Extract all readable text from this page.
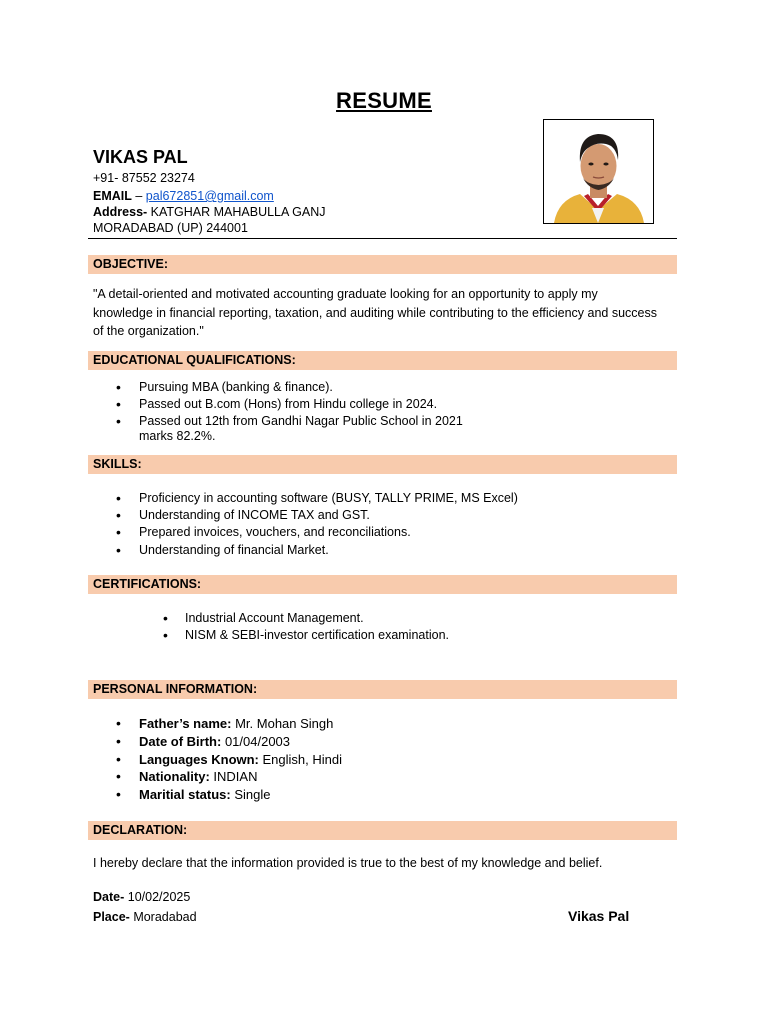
RESUME
VIKAS PAL
+91- 87552 23274
EMAIL – pal672851@gmail.com
Address- KATGHAR MAHABULLA GANJ
MORADABAD (UP) 244001
OBJECTIVE:
"A detail-oriented and motivated accounting graduate looking for an opportunity to apply my knowledge in financial reporting, taxation, and auditing while contributing to the efficiency and success of the organization."
EDUCATIONAL QUALIFICATIONS:
• Pursuing MBA (banking & finance).
• Passed out B.com (Hons) from Hindu college in 2024.
• Passed out 12th from Gandhi Nagar Public School in 2021
marks 82.2%.
SKILLS:
• Proficiency in accounting software (BUSY, TALLY PRIME, MS Excel)
• Understanding of INCOME TAX and GST.
• Prepared invoices, vouchers, and reconciliations.
• Understanding of financial Market.
CERTIFICATIONS:
• Industrial Account Management.
• NISM & SEBI-investor certification examination.
PERSONAL INFORMATION:
• Father’s name: Mr. Mohan Singh
• Date of Birth: 01/04/2003
• Languages Known: English, Hindi
• Nationality: INDIAN
• Maritial status: Single
DECLARATION:
I hereby declare that the information provided is true to the best of my knowledge and belief.
Date- 10/02/2025
Place- Moradabad	Vikas Pal
